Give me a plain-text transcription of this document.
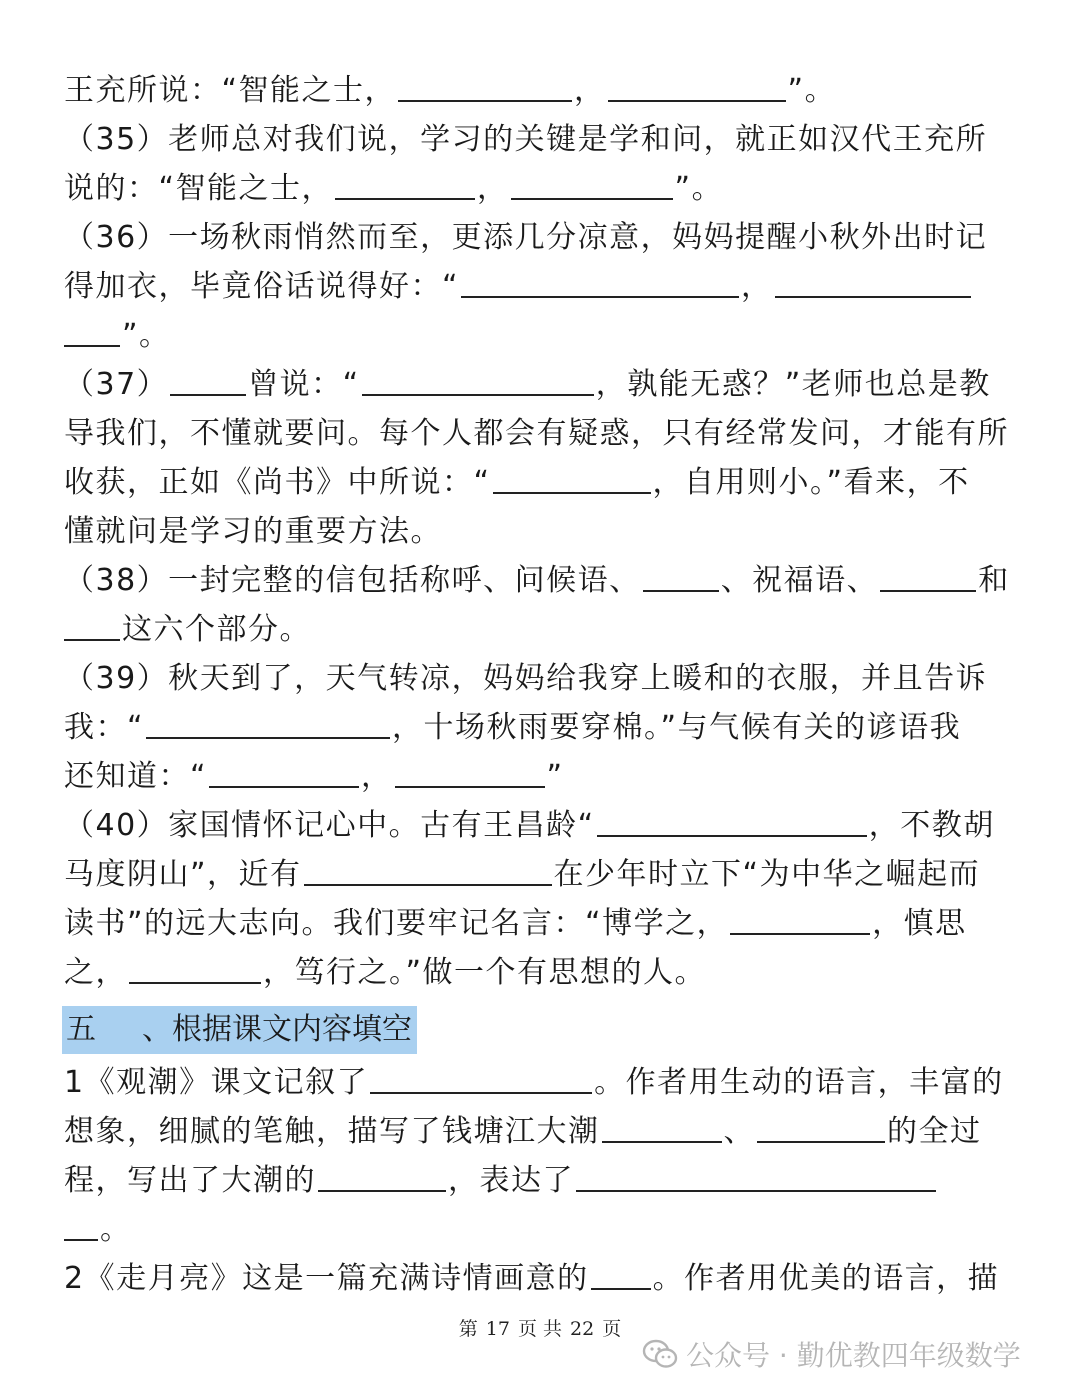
王充所说：“智能之士，	，	”。
（35）老师总对我们说，学习的关键是学和问，就正如汉代王充所
说的：“智能之士，	，	”。
（36）一场秋雨悄然而至，更添几分凉意，妈妈提醒小秋外出时记
得加衣，毕竟俗话说得好：“	，
”。
（37）	曾说：“	，孰能无惑？”老师也总是教
导我们，不懂就要问。每个人都会有疑惑，只有经常发问，才能有所
收获，正如《尚书》中所说：“	，自用则小。”看来，不
懂就问是学习的重要方法。
（38）一封完整的信包括称呼、问候语、	、祝福语、	和
这六个部分。
（39）秋天到了，天气转凉，妈妈给我穿上暖和的衣服，并且告诉
我：“	，十场秋雨要穿棉。”与气候有关的谚语我
还知道：“	，	”
（40）家国情怀记心中。古有王昌龄“	，不教胡
马度阴山”，近有	在少年时立下“为中华之崛起而
读书”的远大志向。我们要牢记名言：“博学之，	，慎思
之，	，笃行之。”做一个有思想的人。
五 、根据课文内容填空
1《观潮》课文记叙了	。作者用生动的语言，丰富的
想象，细腻的笔触，描写了钱塘江大潮	、	的全过
程，写出了大潮的	，表达了
。
2《走月亮》这是一篇充满诗情画意的 。作者用优美的语言，描
第 17 页 共 22 页
公众号 · 勤优教四年级数学
